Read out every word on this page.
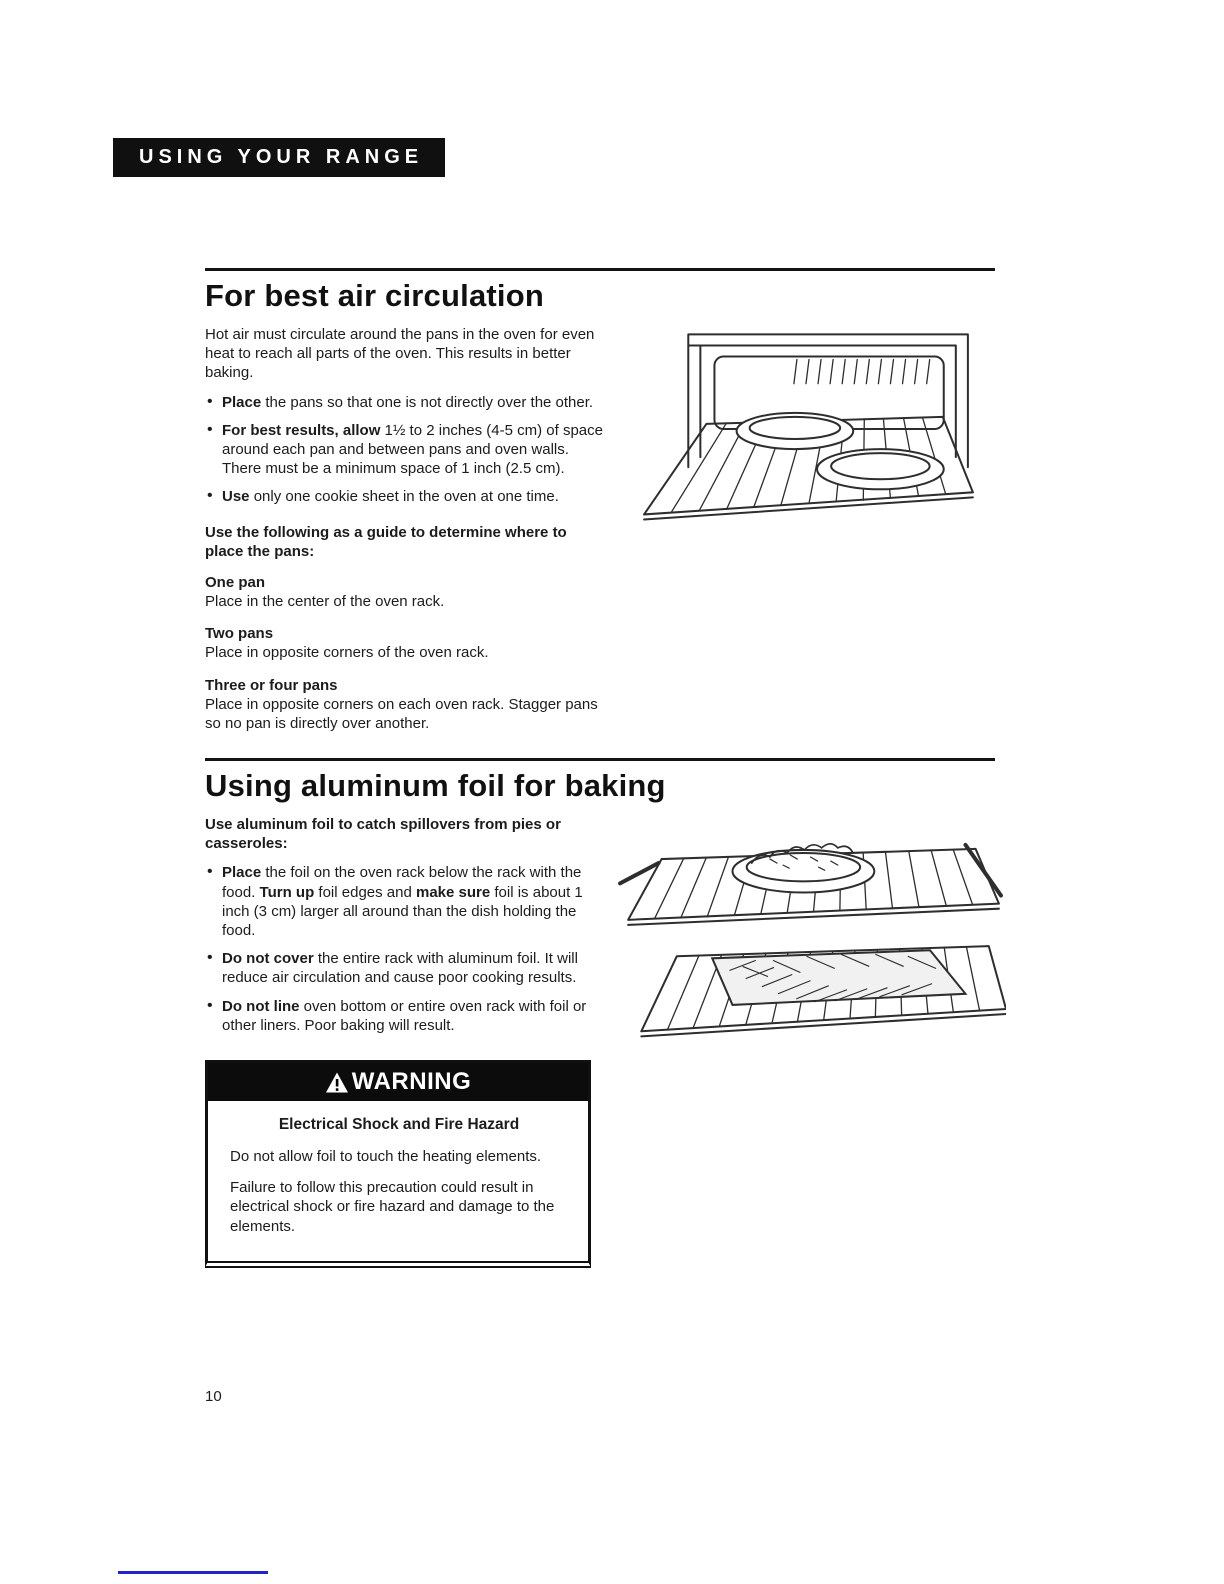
USING YOUR RANGE
For best air circulation

Hot air must circulate around the pans in the oven for even heat to reach all parts of the oven. This results in better baking.

• Place the pans so that one is not directly over the other.
• For best results, allow 1½ to 2 inches (4-5 cm) of space around each pan and between pans and oven walls. There must be a minimum space of 1 inch (2.5 cm).
• Use only one cookie sheet in the oven at one time.
Use the following as a guide to determine where to place the pans:
One pan
Place in the center of the oven rack.
Two pans
Place in opposite corners of the oven rack.
Three or four pans
Place in opposite corners on each oven rack. Stagger pans so no pan is directly over another.
Using aluminum foil for baking

Use aluminum foil to catch spillovers from pies or casseroles:

• Place the foil on the oven rack below the rack with the food. Turn up foil edges and make sure foil is about 1 inch (3 cm) larger all around than the dish holding the food.
• Do not cover the entire rack with aluminum foil. It will reduce air circulation and cause poor cooking results.
• Do not line oven bottom or entire oven rack with foil or other liners. Poor baking will result.
WARNING
Electrical Shock and Fire Hazard

Do not allow foil to touch the heating elements.

Failure to follow this precaution could result in electrical shock or fire hazard and damage to the elements.

10
